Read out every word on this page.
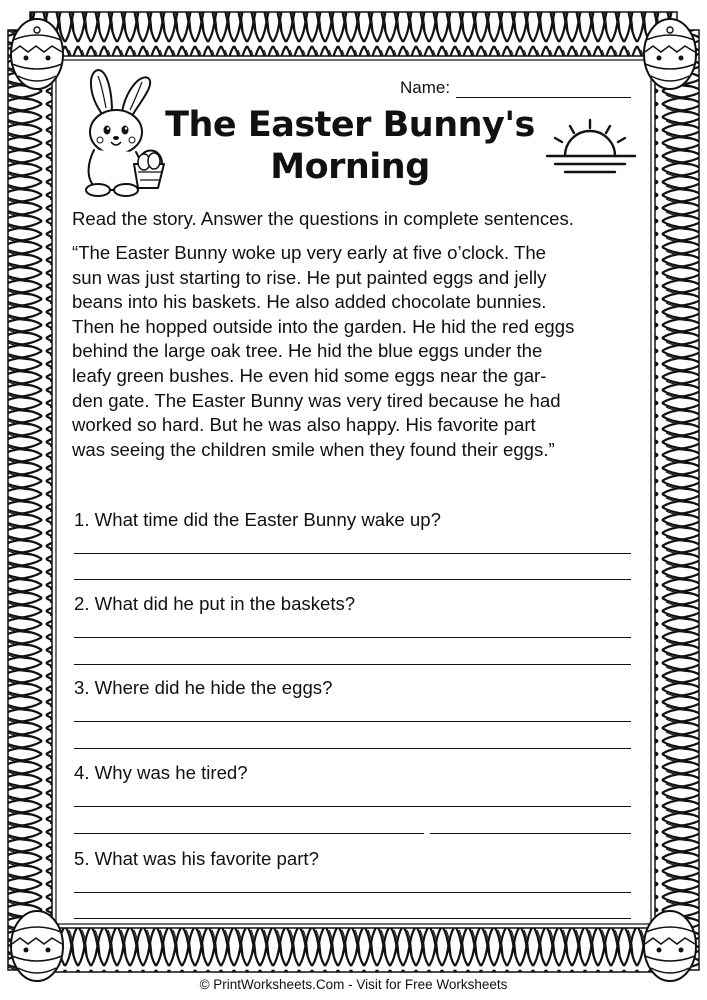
Name:
The Easter Bunny's
Morning
Read the story. Answer the questions in complete sentences.
“The Easter Bunny woke up very early at five o’clock. The
sun was just starting to rise. He put painted eggs and jelly
beans into his baskets. He also added chocolate bunnies.
Then he hopped outside into the garden. He hid the red eggs
behind the large oak tree. He hid the blue eggs under the
leafy green bushes. He even hid some eggs near the gar-
den gate. The Easter Bunny was very tired because he had
worked so hard. But he was also happy. His favorite part
was seeing the children smile when they found their eggs.”
1. What time did the Easter Bunny wake up?
2. What did he put in the baskets?
3. Where did he hide the eggs?
4. Why was he tired?
5. What was his favorite part?
© PrintWorksheets.Com - Visit for Free Worksheets
